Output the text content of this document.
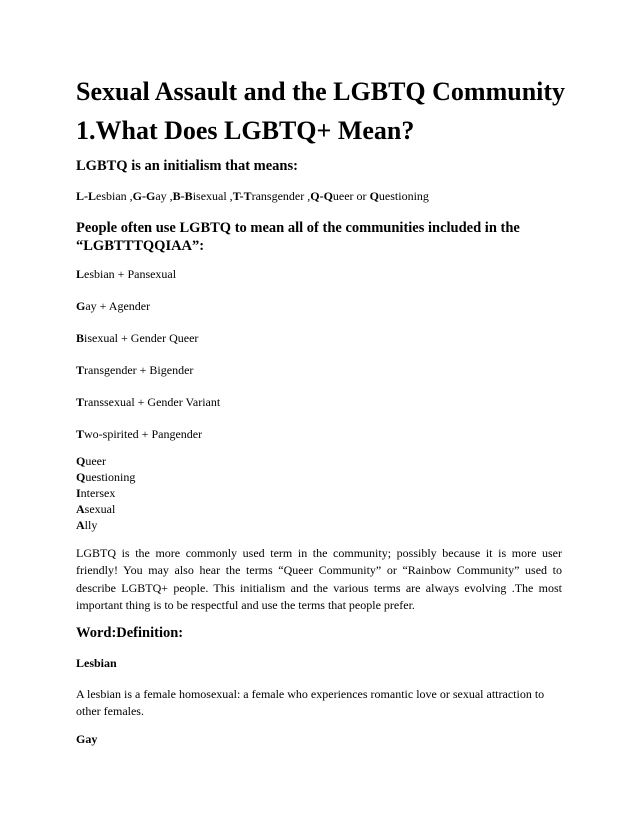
Sexual Assault and the LGBTQ Community
1.What Does LGBTQ+ Mean?
LGBTQ is an initialism that means:
L-Lesbian ,G-Gay ,B-Bisexual ,T-Transgender ,Q-Queer or Questioning
People often use LGBTQ to mean all of the communities included in the
“LGBTTTQQIAA”:
Lesbian + Pansexual
Gay + Agender
Bisexual + Gender Queer
Transgender + Bigender
Transsexual + Gender Variant
Two-spirited + Pangender
Queer
Questioning
Intersex
Asexual
Ally
LGBTQ is the more commonly used term in the community; possibly because it is more user friendly! You may also hear the terms “Queer Community” or “Rainbow Community” used to describe LGBTQ+ people. This initialism and the various terms are always evolving .The most important thing is to be respectful and use the terms that people prefer.
Word:Definition:
Lesbian
A lesbian is a female homosexual: a female who experiences romantic love or sexual attraction to other females.
Gay
